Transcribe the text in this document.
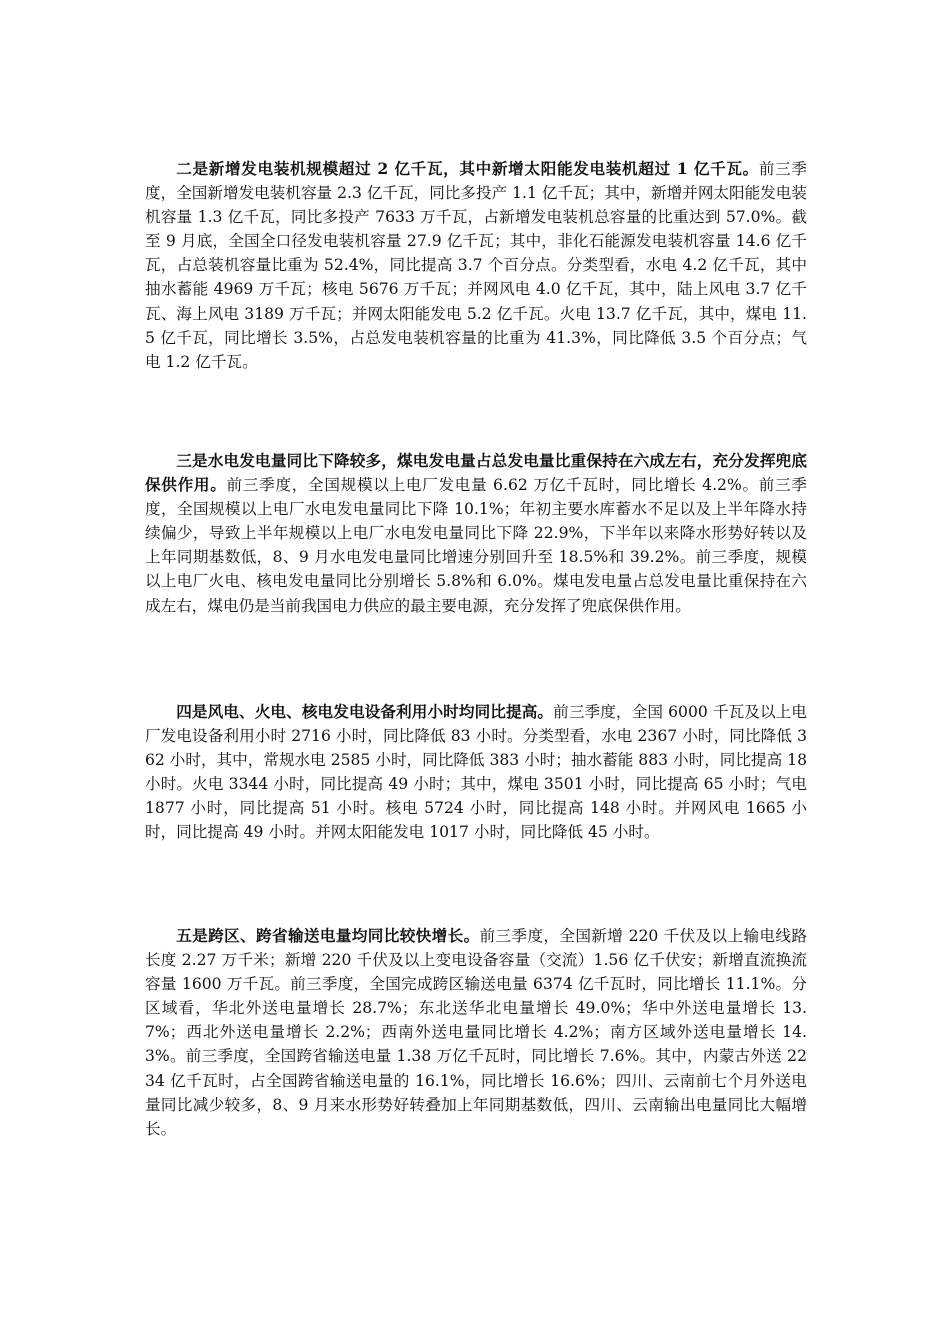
二是新增发电装机规模超过 2 亿千瓦，其中新增太阳能发电装机超过 1 亿千瓦。前三季度，全国新增发电装机容量 2.3 亿千瓦，同比多投产 1.1 亿千瓦；其中，新增并网太阳能发电装机容量 1.3 亿千瓦，同比多投产 7633 万千瓦，占新增发电装机总容量的比重达到 57.0%。截至 9 月底，全国全口径发电装机容量 27.9 亿千瓦；其中，非化石能源发电装机容量 14.6 亿千瓦，占总装机容量比重为 52.4%，同比提高 3.7 个百分点。分类型看，水电 4.2 亿千瓦，其中抽水蓄能 4969 万千瓦；核电 5676 万千瓦；并网风电 4.0 亿千瓦，其中，陆上风电 3.7 亿千瓦、海上风电 3189 万千瓦；并网太阳能发电 5.2 亿千瓦。火电 13.7 亿千瓦，其中，煤电 11.5 亿千瓦，同比增长 3.5%，占总发电装机容量的比重为 41.3%，同比降低 3.5 个百分点；气电 1.2 亿千瓦。

三是水电发电量同比下降较多，煤电发电量占总发电量比重保持在六成左右，充分发挥兜底保供作用。前三季度，全国规模以上电厂发电量 6.62 万亿千瓦时，同比增长 4.2%。前三季度，全国规模以上电厂水电发电量同比下降 10.1%；年初主要水库蓄水不足以及上半年降水持续偏少，导致上半年规模以上电厂水电发电量同比下降 22.9%，下半年以来降水形势好转以及上年同期基数低，8、9 月水电发电量同比增速分别回升至 18.5%和 39.2%。前三季度，规模以上电厂火电、核电发电量同比分别增长 5.8%和 6.0%。煤电发电量占总发电量比重保持在六成左右，煤电仍是当前我国电力供应的最主要电源，充分发挥了兜底保供作用。

四是风电、火电、核电发电设备利用小时均同比提高。前三季度，全国 6000 千瓦及以上电厂发电设备利用小时 2716 小时，同比降低 83 小时。分类型看，水电 2367 小时，同比降低 362 小时，其中，常规水电 2585 小时，同比降低 383 小时；抽水蓄能 883 小时，同比提高 18 小时。火电 3344 小时，同比提高 49 小时；其中，煤电 3501 小时，同比提高 65 小时；气电 1877 小时，同比提高 51 小时。核电 5724 小时，同比提高 148 小时。并网风电 1665 小时，同比提高 49 小时。并网太阳能发电 1017 小时，同比降低 45 小时。

五是跨区、跨省输送电量均同比较快增长。前三季度，全国新增 220 千伏及以上输电线路长度 2.27 万千米；新增 220 千伏及以上变电设备容量（交流）1.56 亿千伏安；新增直流换流容量 1600 万千瓦。前三季度，全国完成跨区输送电量 6374 亿千瓦时，同比增长 11.1%。分区域看，华北外送电量增长 28.7%；东北送华北电量增长 49.0%；华中外送电量增长 13.7%；西北外送电量增长 2.2%；西南外送电量同比增长 4.2%；南方区域外送电量增长 14.3%。前三季度，全国跨省输送电量 1.38 万亿千瓦时，同比增长 7.6%。其中，内蒙古外送 2234 亿千瓦时，占全国跨省输送电量的 16.1%，同比增长 16.6%；四川、云南前七个月外送电量同比减少较多，8、9 月来水形势好转叠加上年同期基数低，四川、云南输出电量同比大幅增长。
